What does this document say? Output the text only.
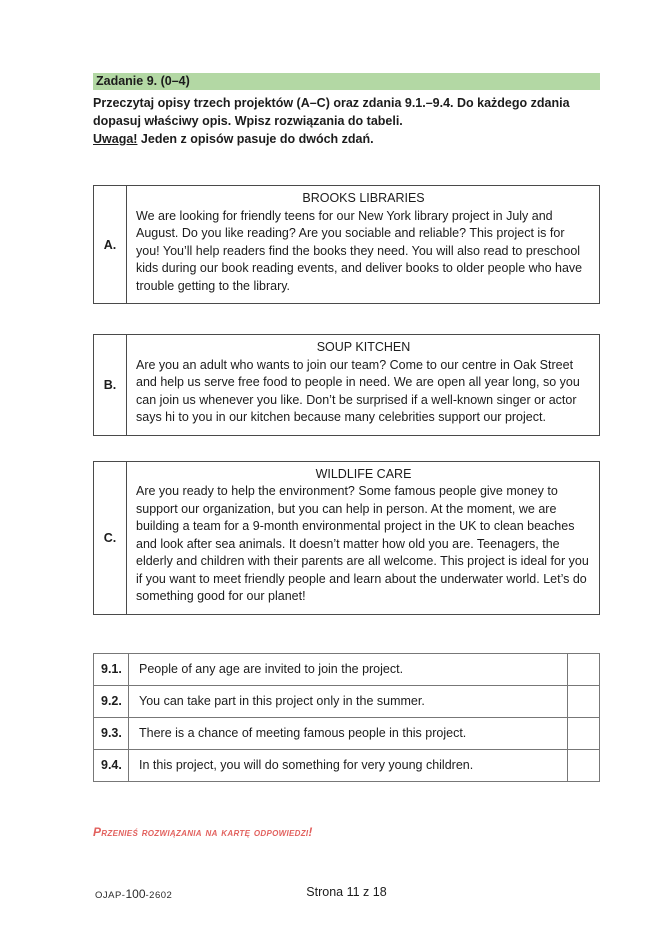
Zadanie 9. (0–4)

Przeczytaj opisy trzech projektów (A–C) oraz zdania 9.1.–9.4. Do każdego zdania dopasuj właściwy opis. Wpisz rozwiązania do tabeli.
Uwaga! Jeden z opisów pasuje do dwóch zdań.

A.
BROOKS LIBRARIES
We are looking for friendly teens for our New York library project in July and August. Do you like reading? Are you sociable and reliable? This project is for you! You’ll help readers find the books they need. You will also read to preschool kids during our book reading events, and deliver books to older people who have trouble getting to the library.
B.
SOUP KITCHEN
Are you an adult who wants to join our team? Come to our centre in Oak Street and help us serve free food to people in need. We are open all year long, so you can join us whenever you like. Don’t be surprised if a well-known singer or actor says hi to you in our kitchen because many celebrities support our project.
C.
WILDLIFE CARE
Are you ready to help the environment? Some famous people give money to support our organization, but you can help in person. At the moment, we are building a team for a 9-month environmental project in the UK to clean beaches and look after sea animals. It doesn’t matter how old you are. Teenagers, the elderly and children with their parents are all welcome. This project is ideal for you if you want to meet friendly people and learn about the underwater world. Let’s do something good for our planet!
9.1.	People of any age are invited to join the project.	
9.2.	You can take part in this project only in the summer.	
9.3.	There is a chance of meeting famous people in this project.	
9.4.	In this project, you will do something for very young children.	
Przenieś rozwiązania na kartę odpowiedzi!
OJAP-100-2602	Strona 11 z 18
